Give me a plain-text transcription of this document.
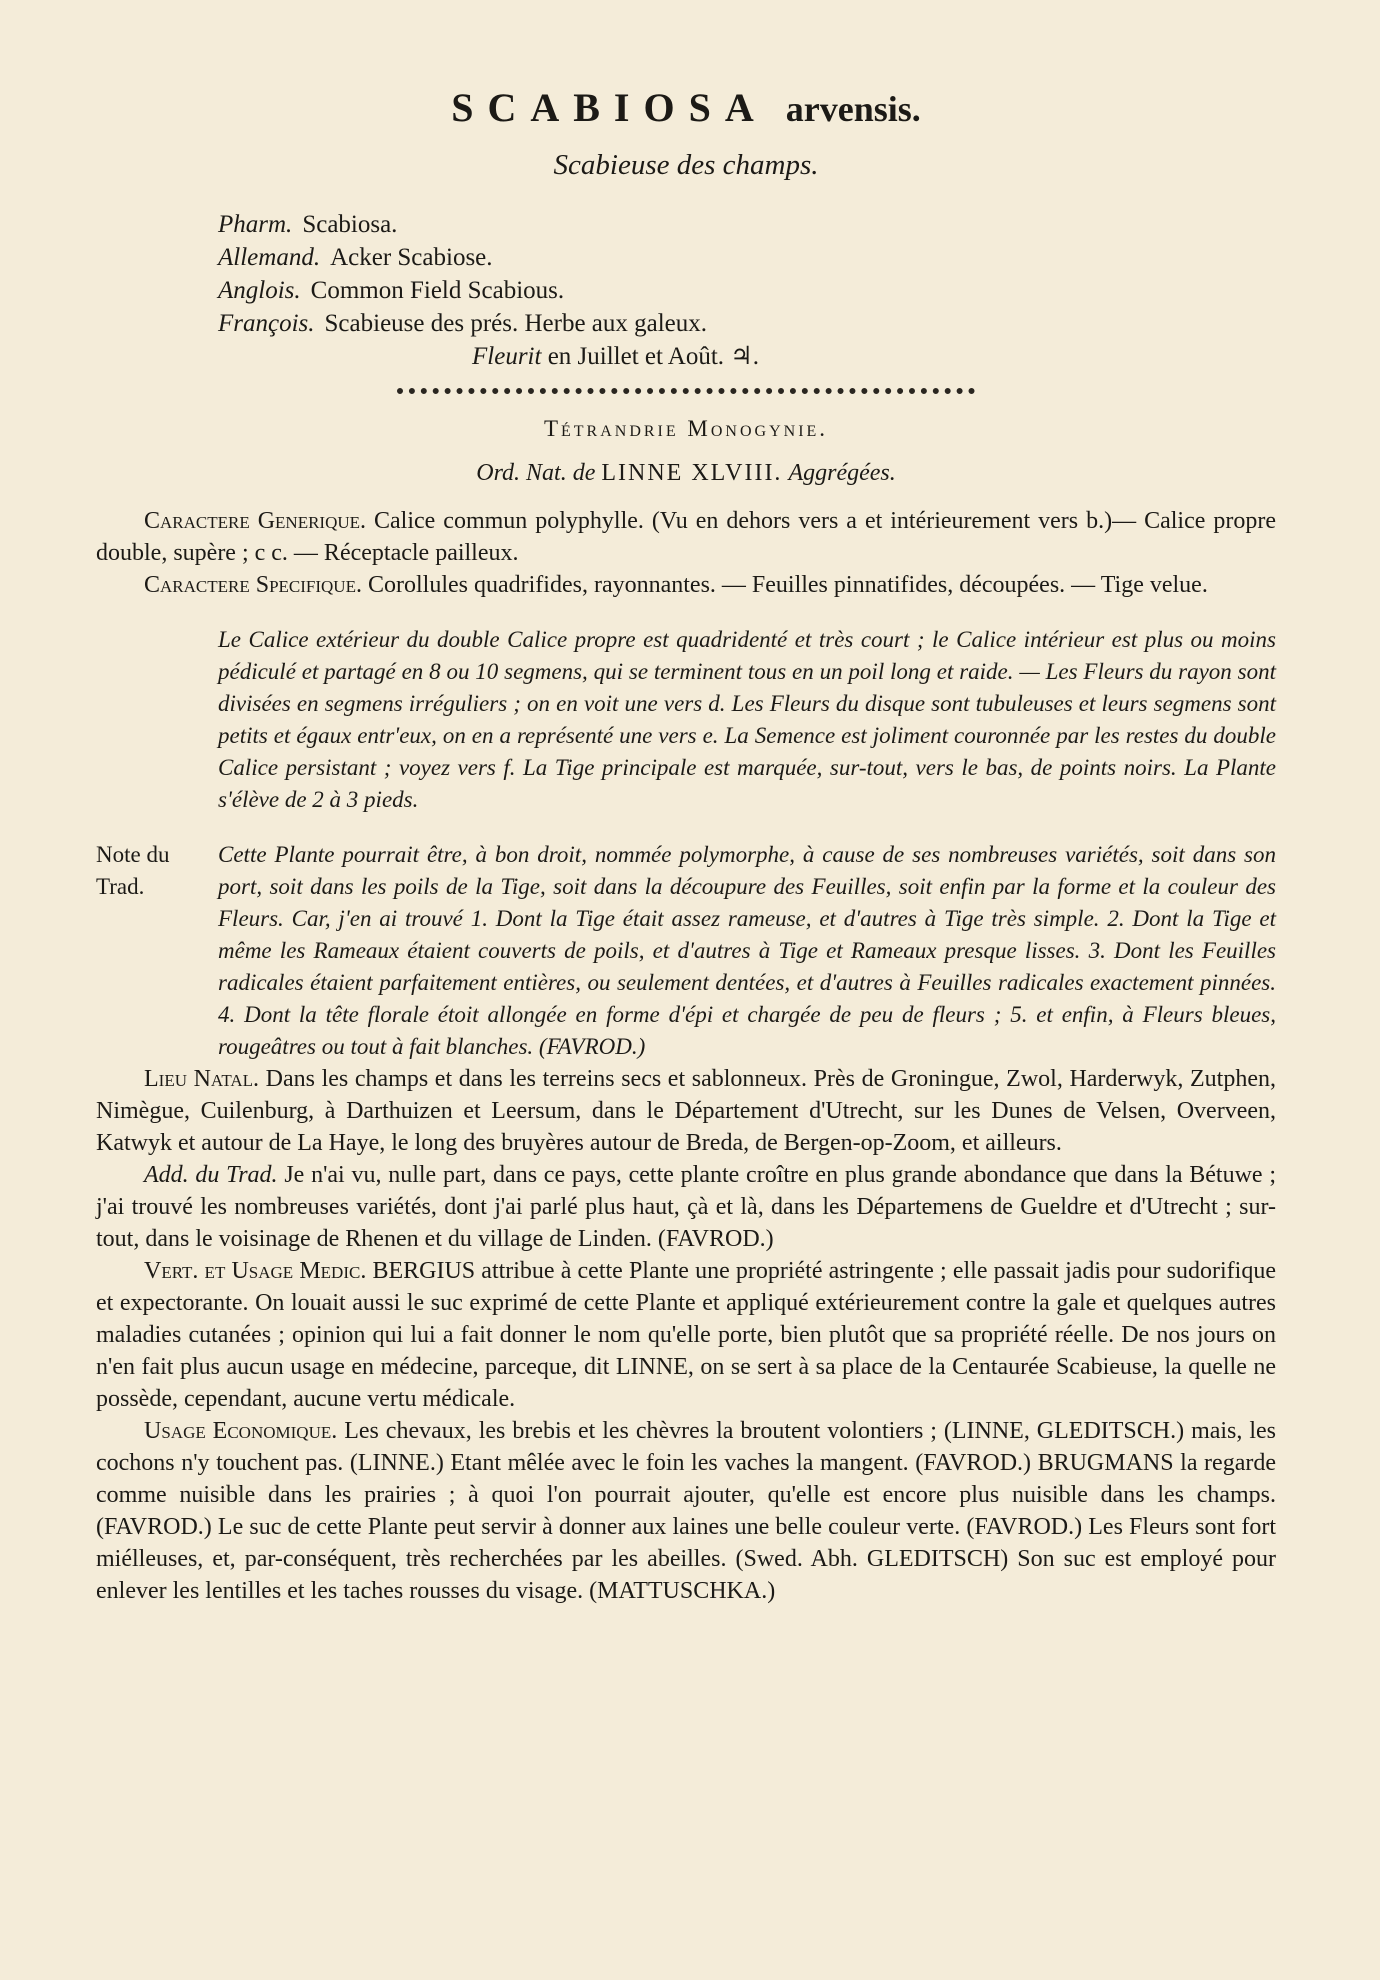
SCABIOSA arvensis.
Scabieuse des champs.
Pharm. Scabiosa.
Allemand. Acker Scabiose.
Anglois. Common Field Scabious.
François. Scabieuse des prés. Herbe aux galeux.
Fleurit en Juillet et Août. ♃.
Tétrandrie Monogynie.
Ord. Nat. de LINNE XLVIII. Aggrégées.

Caractere Generique. Calice commun polyphylle. (Vu en dehors vers a et intérieurement vers b.)— Calice propre double, supère ; c c. — Réceptacle pailleux.

Caractere Specifique. Corollules quadrifides, rayonnantes. — Feuilles pinnatifides, découpées. — Tige velue.

Le Calice extérieur du double Calice propre est quadridenté et très court ; le Calice intérieur est plus ou moins pédiculé et partagé en 8 ou 10 segmens, qui se terminent tous en un poil long et raide. — Les Fleurs du rayon sont divisées en segmens irréguliers ; on en voit une vers d. Les Fleurs du disque sont tubuleuses et leurs segmens sont petits et égaux entr'eux, on en a représenté une vers e. La Semence est joliment couronnée par les restes du double Calice persistant ; voyez vers f. La Tige principale est marquée, sur-tout, vers le bas, de points noirs. La Plante s'élève de 2 à 3 pieds.

Note du Trad.
Cette Plante pourrait être, à bon droit, nommée polymorphe, à cause de ses nombreuses variétés, soit dans son port, soit dans les poils de la Tige, soit dans la découpure des Feuilles, soit enfin par la forme et la couleur des Fleurs. Car, j'en ai trouvé 1. Dont la Tige était assez rameuse, et d'autres à Tige très simple. 2. Dont la Tige et même les Rameaux étaient couverts de poils, et d'autres à Tige et Rameaux presque lisses. 3. Dont les Feuilles radicales étaient parfaitement entières, ou seulement dentées, et d'autres à Feuilles radicales exactement pinnées. 4. Dont la tête florale étoit allongée en forme d'épi et chargée de peu de fleurs ; 5. et enfin, à Fleurs bleues, rougeâtres ou tout à fait blanches. (FAVROD.)

Lieu Natal. Dans les champs et dans les terreins secs et sablonneux. Près de Groningue, Zwol, Harderwyk, Zutphen, Nimègue, Cuilenburg, à Darthuizen et Leersum, dans le Département d'Utrecht, sur les Dunes de Velsen, Overveen, Katwyk et autour de La Haye, le long des bruyères autour de Breda, de Bergen-op-Zoom, et ailleurs.

Add. du Trad. Je n'ai vu, nulle part, dans ce pays, cette plante croître en plus grande abondance que dans la Bétuwe ; j'ai trouvé les nombreuses variétés, dont j'ai parlé plus haut, çà et là, dans les Départemens de Gueldre et d'Utrecht ; sur-tout, dans le voisinage de Rhenen et du village de Linden. (FAVROD.)

Vert. et Usage Medic. BERGIUS attribue à cette Plante une propriété astringente ; elle passait jadis pour sudorifique et expectorante. On louait aussi le suc exprimé de cette Plante et appliqué extérieurement contre la gale et quelques autres maladies cutanées ; opinion qui lui a fait donner le nom qu'elle porte, bien plutôt que sa propriété réelle. De nos jours on n'en fait plus aucun usage en médecine, parceque, dit LINNE, on se sert à sa place de la Centaurée Scabieuse, la quelle ne possède, cependant, aucune vertu médicale.

Usage Economique. Les chevaux, les brebis et les chèvres la broutent volontiers ; (LINNE, GLEDITSCH.) mais, les cochons n'y touchent pas. (LINNE.) Etant mêlée avec le foin les vaches la mangent. (FAVROD.) BRUGMANS la regarde comme nuisible dans les prairies ; à quoi l'on pourrait ajouter, qu'elle est encore plus nuisible dans les champs. (FAVROD.) Le suc de cette Plante peut servir à donner aux laines une belle couleur verte. (FAVROD.) Les Fleurs sont fort miélleuses, et, par-conséquent, très recherchées par les abeilles. (Swed. Abh. GLEDITSCH) Son suc est employé pour enlever les lentilles et les taches rousses du visage. (MATTUSCHKA.)
